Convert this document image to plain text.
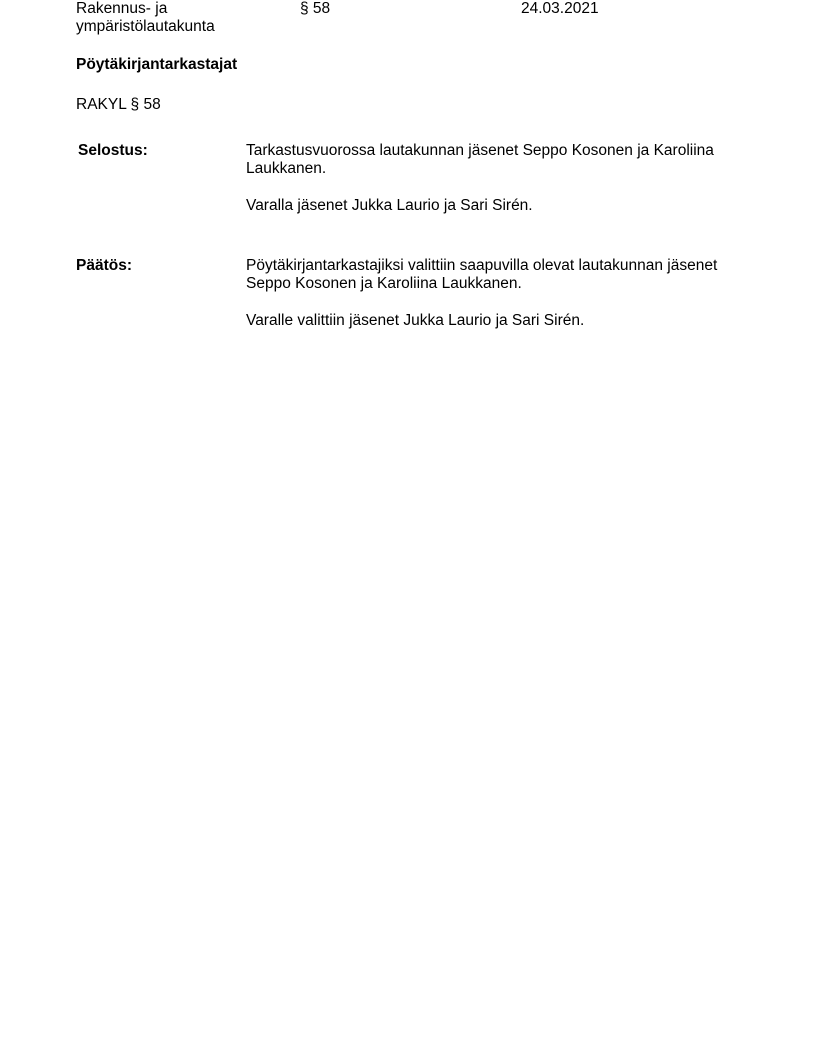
Rakennus- ja
ympäristölautakunta
§ 58	24.03.2021
Pöytäkirjantarkastajat
RAKYL § 58
Selostus:	Tarkastusvuorossa lautakunnan jäsenet Seppo Kosonen ja Karoliina
Laukkanen.
Varalla jäsenet Jukka Laurio ja Sari Sirén.
Päätös:	Pöytäkirjantarkastajiksi valittiin saapuvilla olevat lautakunnan jäsenet
Seppo Kosonen ja Karoliina Laukkanen.
Varalle valittiin jäsenet Jukka Laurio ja Sari Sirén.
